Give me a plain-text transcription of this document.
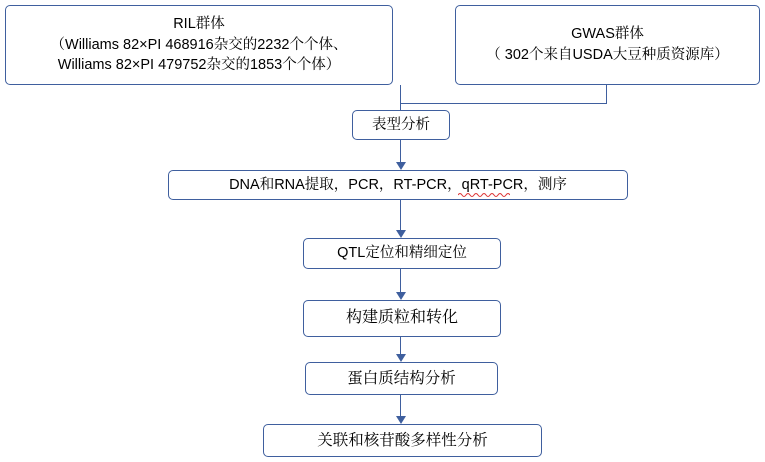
RIL群体
（Williams 82×PI 468916杂交的2232个个体、
Williams 82×PI 479752杂交的1853个个体）
GWAS群体
（ 302个来自USDA大豆种质资源库）
表型分析
DNA和RNA提取，PCR，RT-PCR，qRT-PCR，测序
QTL定位和精细定位
构建质粒和转化
蛋白质结构分析
关联和核苷酸多样性分析
